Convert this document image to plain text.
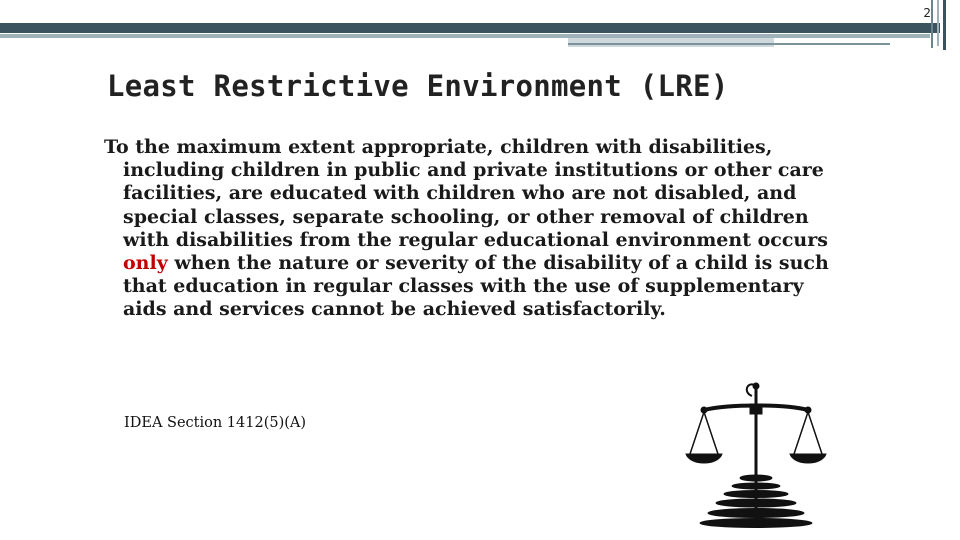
2
Least Restrictive Environment (LRE)

To the maximum extent appropriate, children with disabilities, including children in public and private institutions or other care facilities, are educated with children who are not disabled, and special classes, separate schooling, or other removal of children with disabilities from the regular educational environment occurs only when the nature or severity of the disability of a child is such that education in regular classes with the use of supplementary aids and services cannot be achieved satisfactorily.

IDEA Section 1412(5)(A)
